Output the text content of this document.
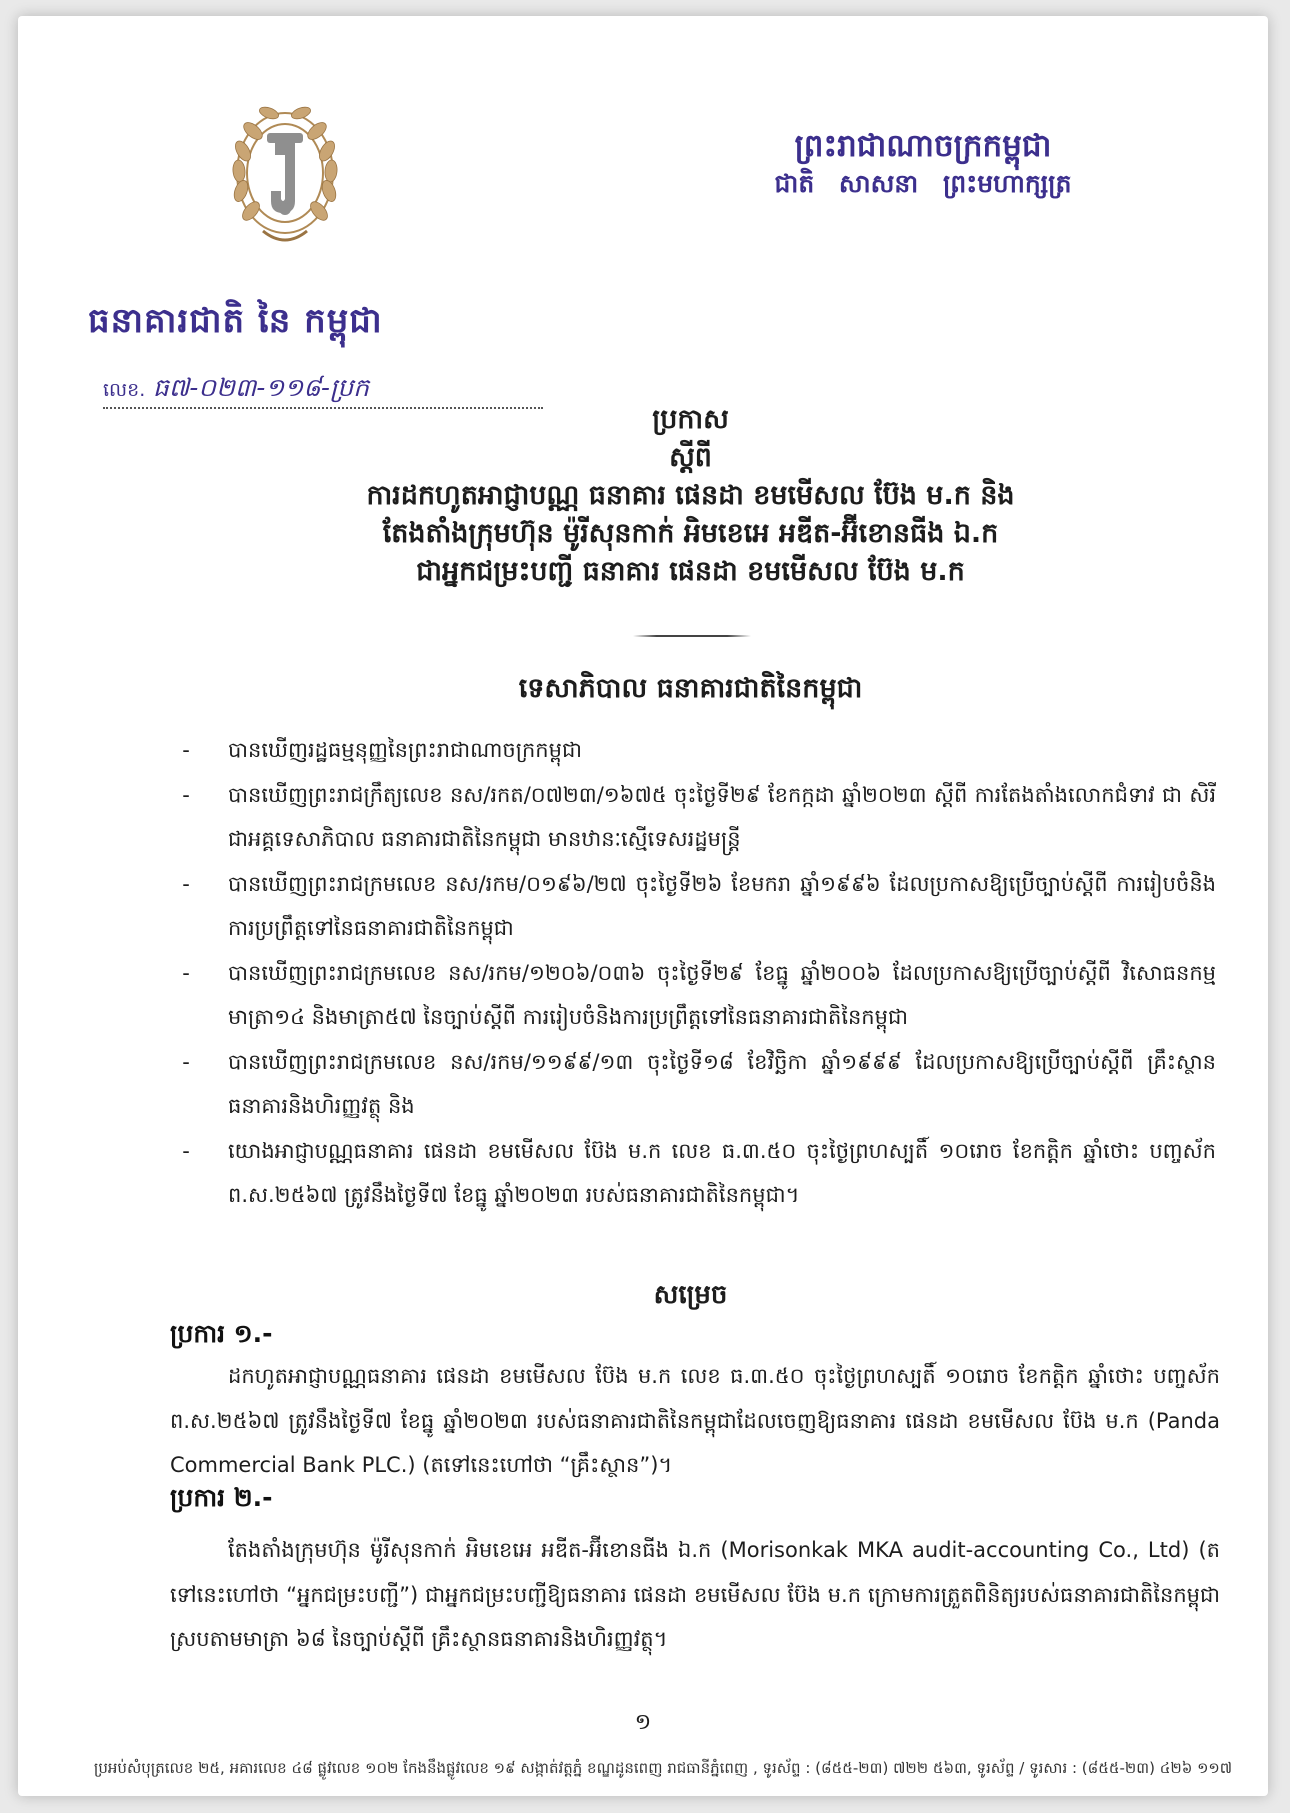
ព្រះរាជាណាចក្រកម្ពុជា
ជាតិ សាសនា ព្រះមហាក្សត្រ
ធនាគារជាតិ នៃ កម្ពុជា
លេខ. ធ៧-០២៣-១១៨-ប្រក
ប្រកាស
ស្តីពី
ការដកហូតអាជ្ញាបណ្ណ ធនាគារ ផេនដា ខមមើសល ប៊ែង ម.ក និង
តែងតាំងក្រុមហ៊ុន ម៉ូរីសុនកាក់ អិមខេអេ អឌីត-អ៊ីខោនធីង ឯ.ក
ជាអ្នកជម្រះបញ្ជី ធនាគារ ផេនដា ខមមើសល ប៊ែង ម.ក
ទេសាភិបាល ធនាគារជាតិនៃកម្ពុជា
- បានឃើញរដ្ឋធម្មនុញ្ញនៃព្រះរាជាណាចក្រកម្ពុជា
- បានឃើញព្រះរាជក្រឹត្យលេខ នស/រកត/០៧២៣/១៦៧៥ ចុះថ្ងៃទី២៩ ខែកក្កដា ឆ្នាំ២០២៣ ស្តីពី ការតែងតាំងលោកជំទាវ ជា សិរី ជាអគ្គទេសាភិបាល ធនាគារជាតិនៃកម្ពុជា មានឋានៈស្មើទេសរដ្ឋមន្ត្រី
- បានឃើញព្រះរាជក្រមលេខ នស/រកម/០១៩៦/២៧ ចុះថ្ងៃទី២៦ ខែមករា ឆ្នាំ១៩៩៦ ដែលប្រកាសឱ្យប្រើច្បាប់ស្តីពី ការរៀបចំនិងការប្រព្រឹត្តទៅនៃធនាគារជាតិនៃកម្ពុជា
- បានឃើញព្រះរាជក្រមលេខ នស/រកម/១២០៦/០៣៦ ចុះថ្ងៃទី២៩ ខែធ្នូ ឆ្នាំ២០០៦ ដែលប្រកាសឱ្យប្រើច្បាប់ស្តីពី វិសោធនកម្មមាត្រា១៤ និងមាត្រា៥៧ នៃច្បាប់ស្តីពី ការរៀបចំនិងការប្រព្រឹត្តទៅនៃធនាគារជាតិនៃកម្ពុជា
- បានឃើញព្រះរាជក្រមលេខ នស/រកម/១១៩៩/១៣ ចុះថ្ងៃទី១៨ ខែវិច្ឆិកា ឆ្នាំ១៩៩៩ ដែលប្រកាសឱ្យប្រើច្បាប់ស្តីពី គ្រឹះស្ថានធនាគារនិងហិរញ្ញវត្ថុ និង
- យោងអាជ្ញាបណ្ណធនាគារ ផេនដា ខមមើសល ប៊ែង ម.ក លេខ ធ.៣.៥០ ចុះថ្ងៃព្រហស្បតិ៍ ១០រោច ខែកត្តិក ឆ្នាំថោះ បញ្ចស័ក ព.ស.២៥៦៧ ត្រូវនឹងថ្ងៃទី៧ ខែធ្នូ ឆ្នាំ២០២៣ របស់ធនាគារជាតិនៃកម្ពុជា។
សម្រេច
ប្រការ ១.-
ដកហូតអាជ្ញាបណ្ណធនាគារ ផេនដា ខមមើសល ប៊ែង ម.ក លេខ ធ.៣.៥០ ចុះថ្ងៃព្រហស្បតិ៍ ១០រោច ខែកត្តិក ឆ្នាំថោះ បញ្ចស័ក ព.ស.២៥៦៧ ត្រូវនឹងថ្ងៃទី៧ ខែធ្នូ ឆ្នាំ២០២៣ របស់ធនាគារជាតិនៃកម្ពុជាដែលចេញឱ្យធនាគារ ផេនដា ខមមើសល ប៊ែង ម.ក (Panda Commercial Bank PLC.) (តទៅនេះហៅថា “គ្រឹះស្ថាន”)។
ប្រការ ២.-
តែងតាំងក្រុមហ៊ុន ម៉ូរីសុនកាក់ អិមខេអេ អឌីត-អ៊ីខោនធីង ឯ.ក (Morisonkak MKA audit-accounting Co., Ltd) (តទៅនេះហៅថា “អ្នកជម្រះបញ្ជី”) ជាអ្នកជម្រះបញ្ជីឱ្យធនាគារ ផេនដា ខមមើសល ប៊ែង ម.ក ក្រោមការត្រួតពិនិត្យរបស់ធនាគារជាតិនៃកម្ពុជា ស្របតាមមាត្រា ៦៨ នៃច្បាប់ស្តីពី គ្រឹះស្ថានធនាគារនិងហិរញ្ញវត្ថុ។
១
ប្រអប់សំបុត្រលេខ ២៥, អគារលេខ ៤៨ ផ្លូវលេខ ១០២ កែងនឹងផ្លូវលេខ ១៩ សង្កាត់វត្តភ្នំ ខណ្ឌដូនពេញ រាជធានីភ្នំពេញ , ទូរស័ព្ទ : (៨៥៥-២៣) ៧២២ ៥៦៣, ទូរស័ព្ទ / ទូរសារ : (៨៥៥-២៣) ៤២៦ ១១៧
